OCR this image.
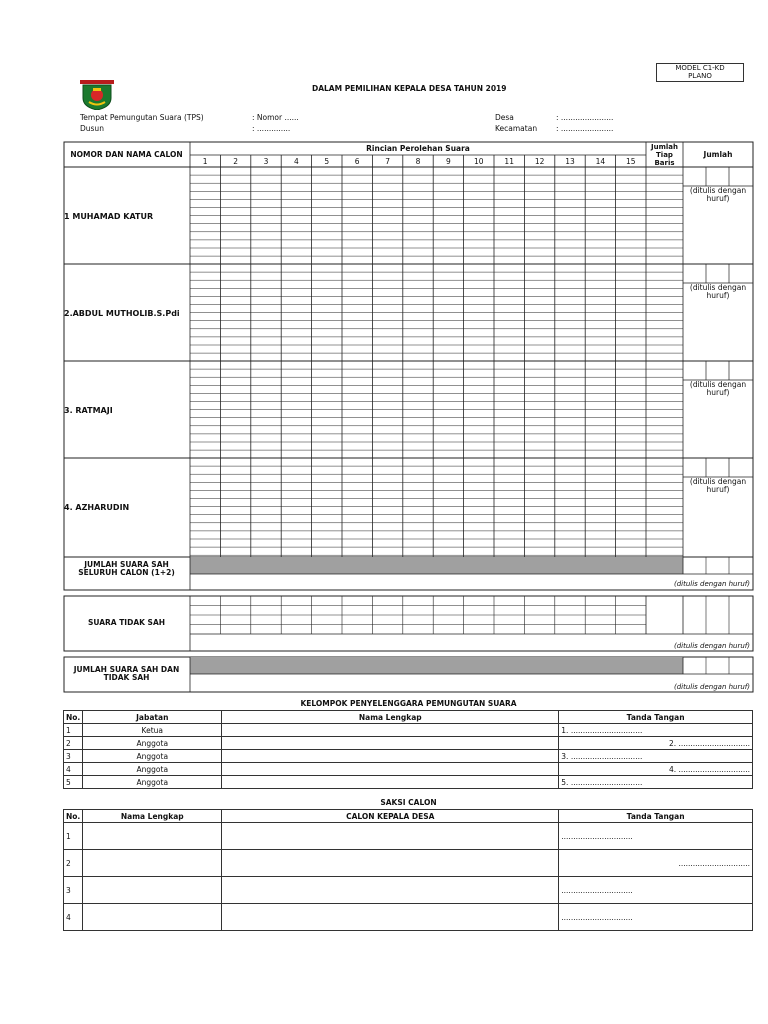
MODEL C1-KD
PLANO
DALAM PEMILIHAN KEPALA DESA TAHUN 2019
Tempat Pemungutan Suara (TPS)	: Nomor ......
Dusun	: ..............
Desa	: ......................
Kecamatan	: ......................
NOMOR DAN NAMA CALON
Rincian Perolehan Suara
1	2	3	4	5	6	7	8	9	10	11	12	13	14	15
Jumlah Tiap Baris
Jumlah
1 MUHAMAD KATUR
2.ABDUL MUTHOLIB.S.Pdi
3. RATMAJI
4. AZHARUDIN
(ditulis dengan huruf)
(ditulis dengan huruf)
(ditulis dengan huruf)
(ditulis dengan huruf)
JUMLAH SUARA SAH SELURUH CALON (1+2)
(ditulis dengan huruf)
SUARA TIDAK SAH
(ditulis dengan huruf)
JUMLAH SUARA SAH DAN TIDAK SAH
(ditulis dengan huruf)
KELOMPOK PENYELENGGARA PEMUNGUTAN SUARA
No.	Jabatan	Nama Lengkap	Tanda Tangan
1	Ketua		1. ..............................
2	Anggota		2. ..............................
3	Anggota		3. ..............................
4	Anggota		4. ..............................
5	Anggota		5. ..............................
SAKSI CALON
No.	Nama Lengkap	CALON KEPALA DESA	Tanda Tangan
1			..............................
2			..............................
3			..............................
4			..............................
